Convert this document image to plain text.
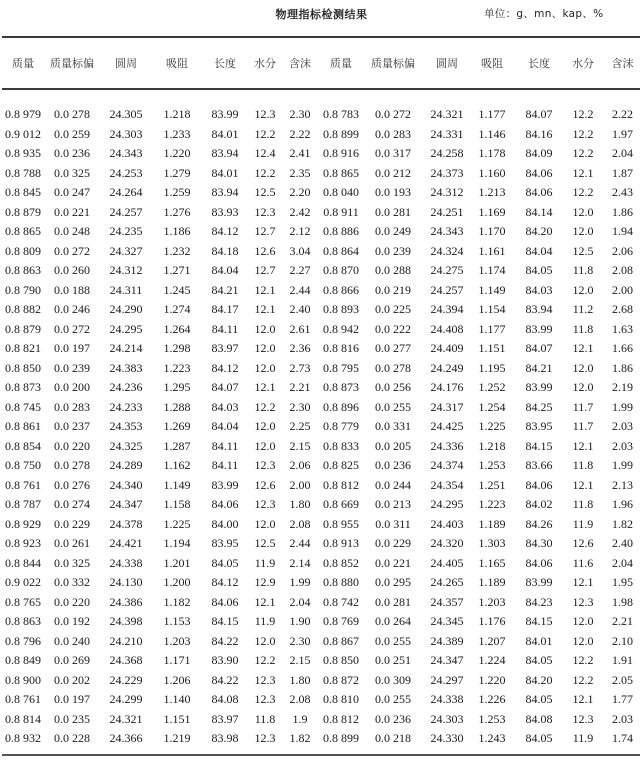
物理指标检测结果	单位：g、mn、kap、%
质量	质量标偏	圆周	吸阻	长度	水分	含沫	质量	质量标偏	圆周	吸阻	长度	水分	含沫
0.8 979	0.0 278	24.305	1.218	83.99	12.3	2.30	0.8 783	0.0 272	24.321	1.177	84.07	12.2	2.22
0.9 012	0.0 259	24.303	1.233	84.01	12.2	2.22	0.8 899	0.0 283	24.331	1.146	84.16	12.2	1.97
0.8 935	0.0 236	24.343	1.220	83.94	12.4	2.41	0.8 916	0.0 317	24.258	1.178	84.09	12.2	2.04
0.8 788	0.0 325	24.253	1.279	84.01	12.2	2.35	0.8 865	0.0 212	24.373	1.160	84.06	12.1	1.87
0.8 845	0.0 247	24.264	1.259	83.94	12.5	2.20	0.8 040	0.0 193	24.312	1.213	84.06	12.2	2.43
0.8 879	0.0 221	24.257	1.276	83.93	12.3	2.42	0.8 911	0.0 281	24.251	1.169	84.14	12.0	1.86
0.8 865	0.0 248	24.235	1.186	84.12	12.7	2.12	0.8 886	0.0 249	24.343	1.170	84.20	12.0	1.94
0.8 809	0.0 272	24.327	1.232	84.18	12.6	3.04	0.8 864	0.0 239	24.324	1.161	84.04	12.5	2.06
0.8 863	0.0 260	24.312	1.271	84.04	12.7	2.27	0.8 870	0.0 288	24.275	1.174	84.05	11.8	2.08
0.8 790	0.0 188	24.311	1.245	84.21	12.1	2.44	0.8 866	0.0 219	24.257	1.149	84.03	12.0	2.00
0.8 882	0.0 246	24.290	1.274	84.17	12.1	2.40	0.8 893	0.0 225	24.394	1.154	83.94	11.2	2.68
0.8 879	0.0 272	24.295	1.264	84.11	12.0	2.61	0.8 942	0.0 222	24.408	1.177	83.99	11.8	1.63
0.8 821	0.0 197	24.214	1.298	83.97	12.0	2.36	0.8 816	0.0 277	24.409	1.151	84.07	12.1	1.66
0.8 850	0.0 239	24.383	1.223	84.12	12.0	2.73	0.8 795	0.0 278	24.249	1.195	84.21	12.0	1.86
0.8 873	0.0 200	24.236	1.295	84.07	12.1	2.21	0.8 873	0.0 256	24.176	1.252	83.99	12.0	2.19
0.8 745	0.0 283	24.233	1.288	84.03	12.2	2.30	0.8 896	0.0 255	24.317	1.254	84.25	11.7	1.99
0.8 861	0.0 237	24.353	1.269	84.04	12.0	2.25	0.8 779	0.0 331	24.425	1.225	83.95	11.7	2.03
0.8 854	0.0 220	24.325	1.287	84.11	12.0	2.15	0.8 833	0.0 205	24.336	1.218	84.15	12.1	2.03
0.8 750	0.0 278	24.289	1.162	84.11	12.3	2.06	0.8 825	0.0 236	24.374	1.253	83.66	11.8	1.99
0.8 761	0.0 276	24.340	1.149	83.99	12.6	2.00	0.8 812	0.0 244	24.354	1.251	84.06	12.1	2.13
0.8 787	0.0 274	24.347	1.158	84.06	12.3	1.80	0.8 669	0.0 213	24.295	1.223	84.02	11.8	1.96
0.8 929	0.0 229	24.378	1.225	84.00	12.0	2.08	0.8 955	0.0 311	24.403	1.189	84.26	11.9	1.82
0.8 923	0.0 261	24.421	1.194	83.95	12.5	2.44	0.8 913	0.0 229	24.320	1.303	84.30	12.6	2.40
0.8 844	0.0 325	24.338	1.201	84.05	11.9	2.14	0.8 852	0.0 221	24.405	1.165	84.06	11.6	2.04
0.9 022	0.0 332	24.130	1.200	84.12	12.9	1.99	0.8 880	0.0 295	24.265	1.189	83.99	12.1	1.95
0.8 765	0.0 220	24.386	1.182	84.06	12.1	2.04	0.8 742	0.0 281	24.357	1.203	84.23	12.3	1.98
0.8 863	0.0 192	24.398	1.153	84.15	11.9	1.90	0.8 769	0.0 264	24.345	1.176	84.15	12.0	2.21
0.8 796	0.0 240	24.210	1.203	84.22	12.0	2.30	0.8 867	0.0 255	24.389	1.207	84.01	12.0	2.10
0.8 849	0.0 269	24.368	1.171	83.90	12.2	2.15	0.8 850	0.0 251	24.347	1.224	84.05	12.2	1.91
0.8 900	0.0 202	24.229	1.206	84.22	12.3	1.80	0.8 872	0.0 309	24.297	1.220	84.20	12.2	2.05
0.8 761	0.0 197	24.299	1.140	84.08	12.3	2.08	0.8 810	0.0 255	24.338	1.226	84.05	12.1	1.77
0.8 814	0.0 235	24.321	1.151	83.97	11.8	1.9	0.8 812	0.0 236	24.303	1.253	84.08	12.3	2.03
0.8 932	0.0 228	24.366	1.219	83.98	12.3	1.82	0.8 899	0.0 218	24.330	1.243	84.05	11.9	1.74
